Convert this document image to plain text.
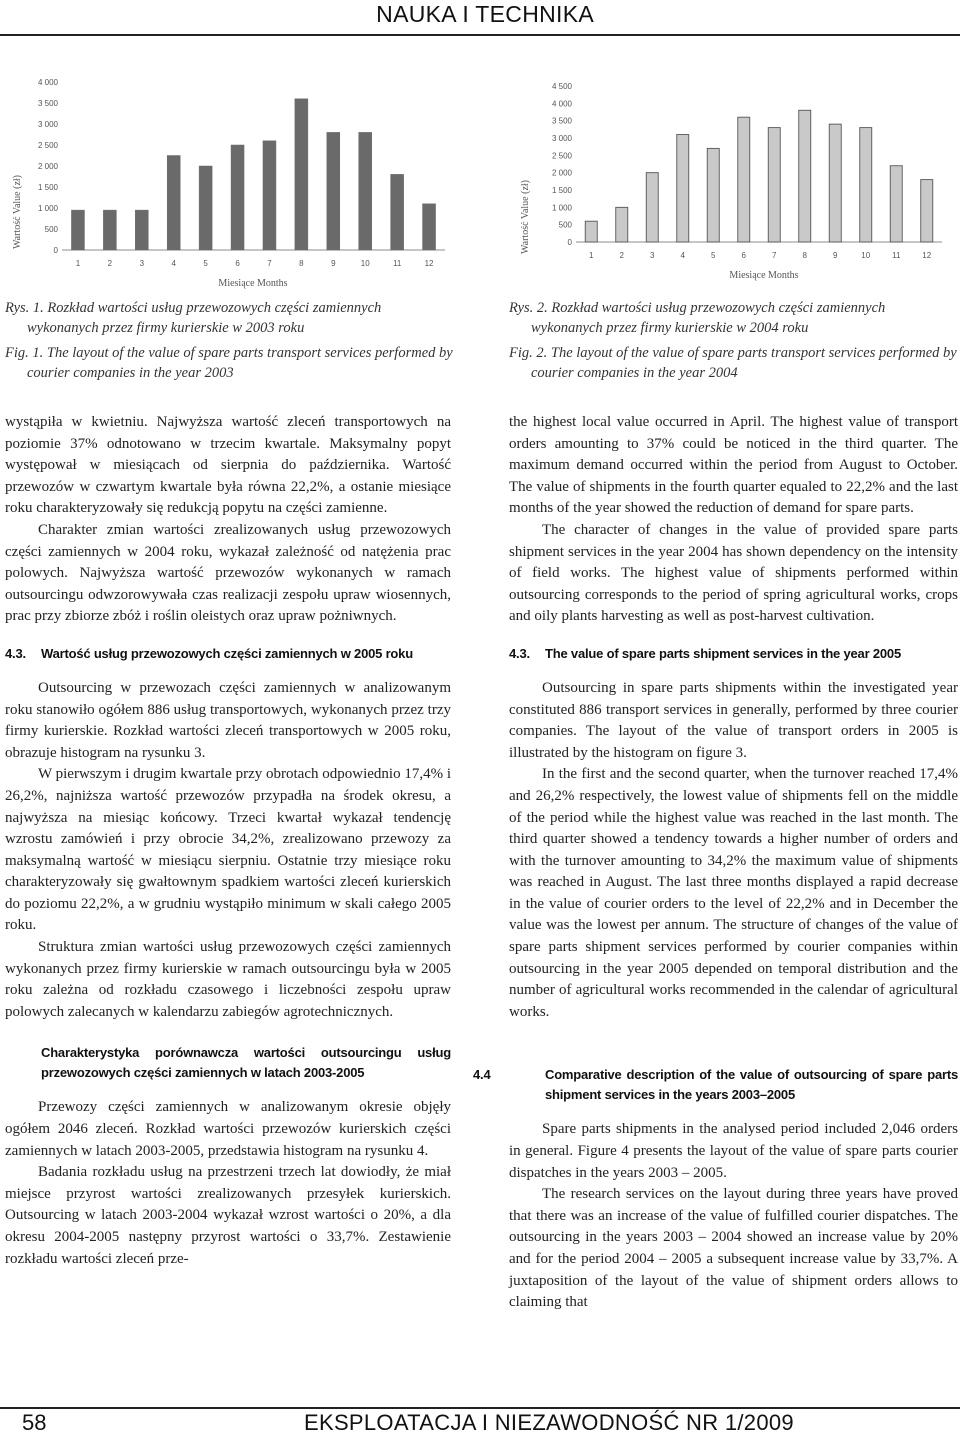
NAUKA I TECHNIKA
Wartość Value (zł)
Miesiące Months
0
500
1 000
1 500
2 000
2 500
3 000
3 500
4 000
1	2	3	4	5	6	7	8	9	10	11	12
Wartość Value (zł)
Miesiące Months
0
500
1 000
1 500
2 000
2 500
3 000
3 500
4 000
4 500
1	2	3	4	5	6	7	8	9	10	11	12

Rys. 1. Rozkład wartości usług przewozowych części zamiennych wykonanych przez firmy kurierskie w 2003 roku

Fig. 1. The layout of the value of spare parts transport services performed by courier companies in the year 2003

Rys. 2. Rozkład wartości usług przewozowych części zamiennych wykonanych przez firmy kurierskie w 2004 roku

Fig. 2. The layout of the value of spare parts transport services performed by courier companies in the year 2004

wystąpiła w kwietniu. Najwyższa wartość zleceń transportowych na poziomie 37% odnotowano w trzecim kwartale. Maksymalny popyt występował w miesiącach od sierpnia do października. Wartość przewozów w czwartym kwartale była równa 22,2%, a ostanie miesiące roku charakteryzowały się redukcją popytu na części zamienne.

Charakter zmian wartości zrealizowanych usług przewozowych części zamiennych w 2004 roku, wykazał zależność od natężenia prac polowych. Najwyższa wartość przewozów wykonanych w ramach outsourcingu odwzorowywała czas realizacji zespołu upraw wiosennych, prac przy zbiorze zbóż i roślin oleistych oraz upraw pożniwnych.

4.3. Wartość usług przewozowych części zamiennych w 2005 roku

Outsourcing w przewozach części zamiennych w analizowanym roku stanowiło ogółem 886 usług transportowych, wykonanych przez trzy firmy kurierskie. Rozkład wartości zleceń transportowych w 2005 roku, obrazuje histogram na rysunku 3.

W pierwszym i drugim kwartale przy obrotach odpowiednio 17,4% i 26,2%, najniższa wartość przewozów przypadła na środek okresu, a najwyższa na miesiąc końcowy. Trzeci kwartał wykazał tendencję wzrostu zamówień i przy obrocie 34,2%, zrealizowano przewozy za maksymalną wartość w miesiącu sierpniu. Ostatnie trzy miesiące roku charakteryzowały się gwałtownym spadkiem wartości zleceń kurierskich do poziomu 22,2%, a w grudniu wystąpiło minimum w skali całego 2005 roku.

Struktura zmian wartości usług przewozowych części zamiennych wykonanych przez firmy kurierskie w ramach outsourcingu była w 2005 roku zależna od rozkładu czasowego i liczebności zespołu upraw polowych zalecanych w kalendarzu zabiegów agrotechnicznych.

Charakterystyka porównawcza wartości outsourcingu usług przewozowych części zamiennych w latach 2003-2005

Przewozy części zamiennych w analizowanym okresie objęły ogółem 2046 zleceń. Rozkład wartości przewozów kurierskich części zamiennych w latach 2003-2005, przedstawia histogram na rysunku 4.

Badania rozkładu usług na przestrzeni trzech lat dowiodły, że miał miejsce przyrost wartości zrealizowanych przesyłek kurierskich. Outsourcing w latach 2003-2004 wykazał wzrost wartości o 20%, a dla okresu 2004-2005 następny przyrost wartości o 33,7%. Zestawienie rozkładu wartości zleceń prze-

the highest local value occurred in April. The highest value of transport orders amounting to 37% could be noticed in the third quarter. The maximum demand occurred within the period from August to October. The value of shipments in the fourth quarter equaled to 22,2% and the last months of the year showed the reduction of demand for spare parts.

The character of changes in the value of provided spare parts shipment services in the year 2004 has shown dependency on the intensity of field works. The highest value of shipments performed within outsourcing corresponds to the period of spring agricultural works, crops and oily plants harvesting as well as post-harvest cultivation.

4.3. The value of spare parts shipment services in the year 2005

Outsourcing in spare parts shipments within the investigated year constituted 886 transport services in generally, performed by three courier companies. The layout of the value of transport orders in 2005 is illustrated by the histogram on figure 3.

In the first and the second quarter, when the turnover reached 17,4% and 26,2% respectively, the lowest value of shipments fell on the middle of the period while the highest value was reached in the last month. The third quarter showed a tendency towards a higher number of orders and with the turnover amounting to 34,2% the maximum value of shipments was reached in August. The last three months displayed a rapid decrease in the value of courier orders to the level of 22,2% and in December the value was the lowest per annum. The structure of changes of the value of spare parts shipment services performed by courier companies within outsourcing in the year 2005 depended on temporal distribution and the number of agricultural works recommended in the calendar of agricultural works.

4.4	Comparative description of the value of outsourcing of spare parts shipment services in the years 2003–2005

Spare parts shipments in the analysed period included 2,046 orders in general. Figure 4 presents the layout of the value of spare parts courier dispatches in the years 2003 – 2005.

The research services on the layout during three years have proved that there was an increase of the value of fulfilled courier dispatches. The outsourcing in the years 2003 – 2004 showed an increase value by 20% and for the period 2004 – 2005 a subsequent increase value by 33,7%. A juxtaposition of the layout of the value of shipment orders allows to claiming that

58	EKSPLOATACJA I NIEZAWODNOŚĆ NR 1/2009
